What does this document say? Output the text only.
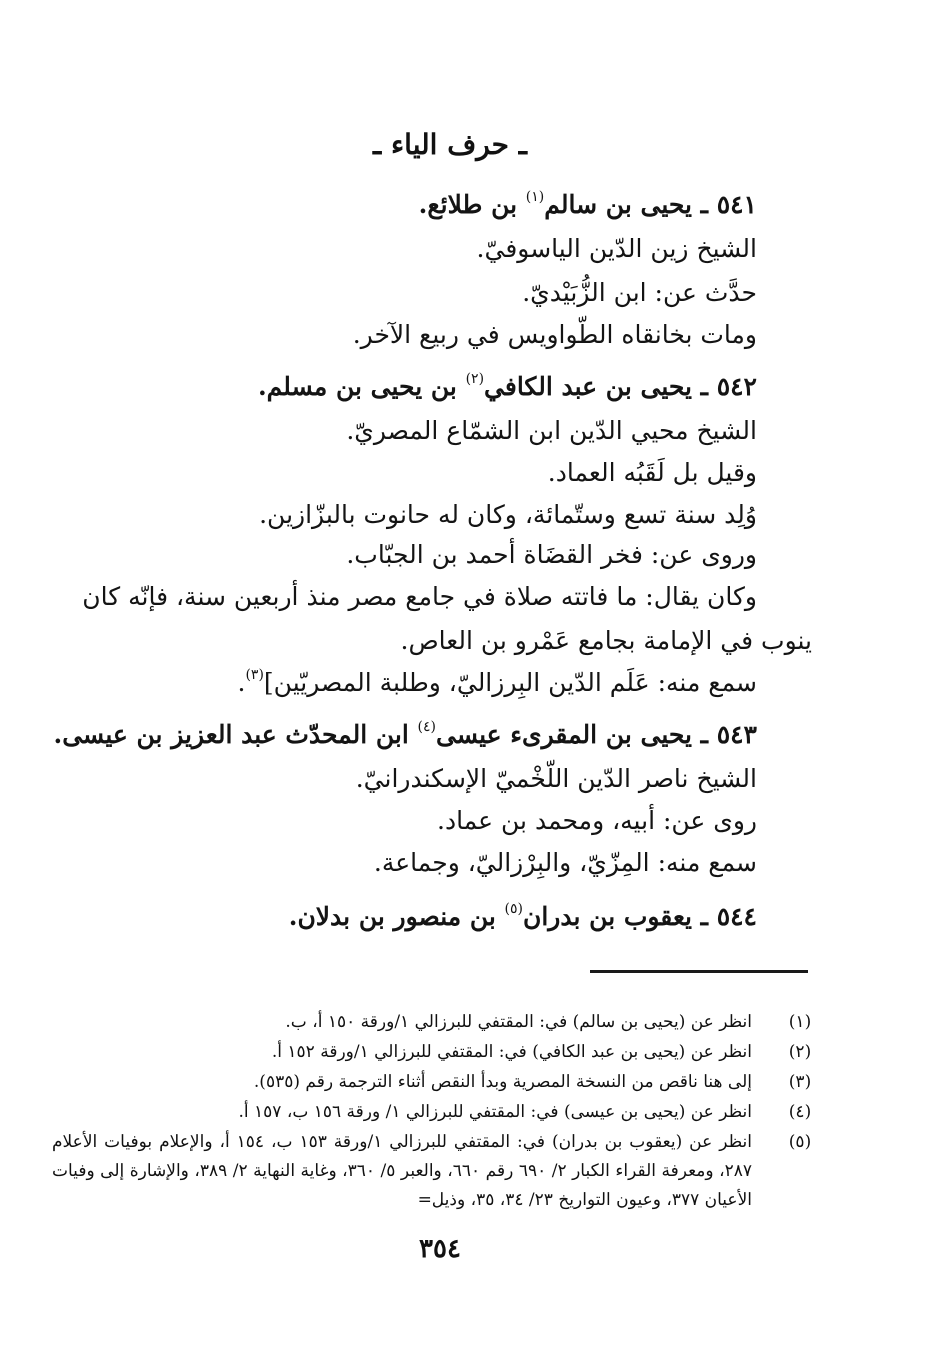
ـ حرف الياء ـ
٥٤١ ـ يحيى بن سالم$^{(١)}$ بن طلائع.
الشيخ زين الدّين الياسوفيّ.
حدَّث عن: ابن الزُّبَيْديّ.
ومات بخانقاه الطّواويس في ربيع الآخر.
٥٤٢ ـ يحيى بن عبد الكافي$^{(٢)}$ بن يحيى بن مسلم.
الشيخ محيي الدّين ابن الشمّاع المصريّ.
وقيل بل لَقَبُه العماد.
وُلِد سنة تسع وستّمائة، وكان له حانوت بالبزّازين.
وروى عن: فخر القضَاة أحمد بن الجبّاب.
وكان يقال: ما فاتته صلاة في جامع مصر منذ أربعين سنة، فإنّه كان
ينوب في الإمامة بجامع عَمْرو بن العاص.
سمع منه: عَلَم الدّين البِرزاليّ، وطلبة المصريّين]$^{(٣)}$.
٥٤٣ ـ يحيى بن المقرىء عيسى$^{(٤)}$ ابن المحدّث عبد العزيز بن عيسى.
الشيخ ناصر الدّين اللّخْميّ الإسكندرانيّ.
روى عن: أبيه، ومحمد بن عماد.
سمع منه: المِزّيّ، والبِرْزاليّ، وجماعة.
٥٤٤ ـ يعقوب بن بدران$^{(٥)}$ بن منصور بن بدلان.
(١)
انظر عن (يحيى بن سالم) في: المقتفي للبرزالي ١/ورقة ١٥٠ أ، ب.
(٢)
انظر عن (يحيى بن عبد الكافي) في: المقتفي للبرزالي ١/ورقة ١٥٢ أ.
(٣)
إلى هنا ناقص من النسخة المصرية وبدأ النقص أثناء الترجمة رقم (٥٣٥).
(٤)
انظر عن (يحيى بن عيسى) في: المقتفي للبرزالي ١/ ورقة ١٥٦ ب، ١٥٧ أ.
(٥)
انظر عن (يعقوب بن بدران) في: المقتفي للبرزالي ١/ورقة ١٥٣ ب، ١٥٤ أ، والإعلام بوفيات الأعلام ٢٨٧، ومعرفة القراء الكبار ٢/ ٦٩٠ رقم ٦٦٠، والعبر ٥/ ٣٦٠، وغاية النهاية ٢/ ٣٨٩، والإشارة إلى وفيات الأعيان ٣٧٧، وعيون التواريخ ٢٣/ ٣٤، ٣٥، وذيل=
٣٥٤
